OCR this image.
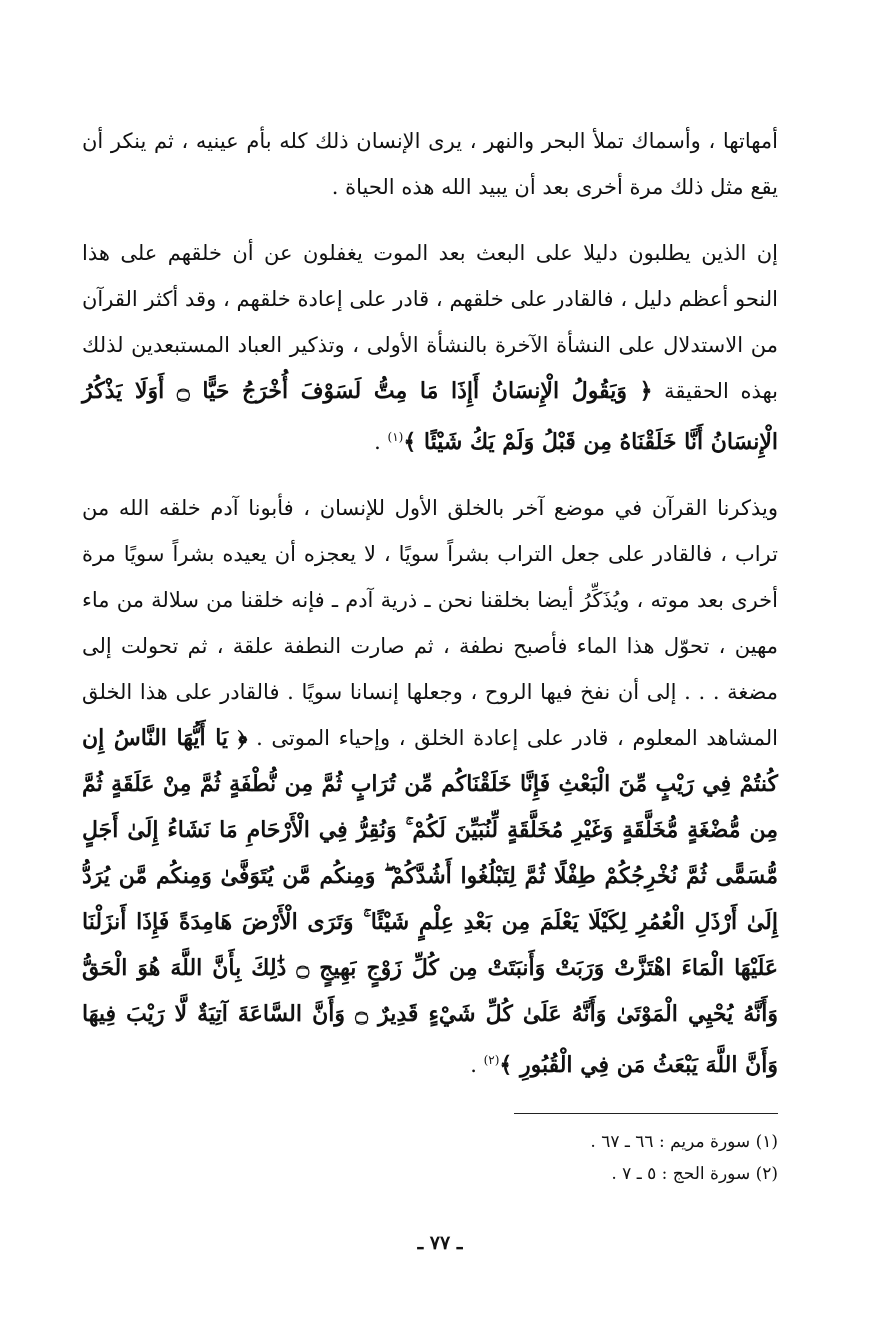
أمهاتها ، وأسماك تملأ البحر والنهر ، يرى الإنسان ذلك كله بأم عينيه ، ثم ينكر أن يقع مثل ذلك مرة أخرى بعد أن يبيد الله هذه الحياة .

إن الذين يطلبون دليلا على البعث بعد الموت يغفلون عن أن خلقهم على هذا النحو أعظم دليل ، فالقادر على خلقهم ، قادر على إعادة خلقهم ، وقد أكثر القرآن من الاستدلال على النشأة الآخرة بالنشأة الأولى ، وتذكير العباد المستبعدين لذلك بهذه الحقيقة ﴿ وَيَقُولُ الْإِنسَانُ أَإِذَا مَا مِتُّ لَسَوْفَ أُخْرَجُ حَيًّا ۝ أَوَلَا يَذْكُرُ الْإِنسَانُ أَنَّا خَلَقْنَاهُ مِن قَبْلُ وَلَمْ يَكُ شَيْئًا ﴾$^{(١)}$ .

ويذكرنا القرآن في موضع آخر بالخلق الأول للإنسان ، فأبونا آدم خلقه الله من تراب ، فالقادر على جعل التراب بشراً سويًا ، لا يعجزه أن يعيده بشراً سويًا مرة أخرى بعد موته ، ويُذَكِّرُ أيضا بخلقنا نحن ـ ذرية آدم ـ فإنه خلقنا من سلالة من ماء مهين ، تحوّل هذا الماء فأصبح نطفة ، ثم صارت النطفة علقة ، ثم تحولت إلى مضغة . . . إلى أن نفخ فيها الروح ، وجعلها إنسانا سويًا . فالقادر على هذا الخلق المشاهد المعلوم ، قادر على إعادة الخلق ، وإحياء الموتى . ﴿ يَا أَيُّهَا النَّاسُ إِن كُنتُمْ فِي رَيْبٍ مِّنَ الْبَعْثِ فَإِنَّا خَلَقْنَاكُم مِّن تُرَابٍ ثُمَّ مِن نُّطْفَةٍ ثُمَّ مِنْ عَلَقَةٍ ثُمَّ مِن مُّضْغَةٍ مُّخَلَّقَةٍ وَغَيْرِ مُخَلَّقَةٍ لِّنُبَيِّنَ لَكُمْ ۚ وَنُقِرُّ فِي الْأَرْحَامِ مَا نَشَاءُ إِلَىٰ أَجَلٍ مُّسَمًّى ثُمَّ نُخْرِجُكُمْ طِفْلًا ثُمَّ لِتَبْلُغُوا أَشُدَّكُمْ ۖ وَمِنكُم مَّن يُتَوَفَّىٰ وَمِنكُم مَّن يُرَدُّ إِلَىٰ أَرْذَلِ الْعُمُرِ لِكَيْلَا يَعْلَمَ مِن بَعْدِ عِلْمٍ شَيْئًا ۚ وَتَرَى الْأَرْضَ هَامِدَةً فَإِذَا أَنزَلْنَا عَلَيْهَا الْمَاءَ اهْتَزَّتْ وَرَبَتْ وَأَنبَتَتْ مِن كُلِّ زَوْجٍ بَهِيجٍ ۝ ذَٰلِكَ بِأَنَّ اللَّهَ هُوَ الْحَقُّ وَأَنَّهُ يُحْيِي الْمَوْتَىٰ وَأَنَّهُ عَلَىٰ كُلِّ شَيْءٍ قَدِيرٌ ۝ وَأَنَّ السَّاعَةَ آتِيَةٌ لَّا رَيْبَ فِيهَا وَأَنَّ اللَّهَ يَبْعَثُ مَن فِي الْقُبُورِ ﴾$^{(٢)}$ .

(١) سورة مريم : ٦٦ ـ ٦٧ .
(٢) سورة الحج : ٥ ـ ٧ .
ـ ٧٧ ـ
